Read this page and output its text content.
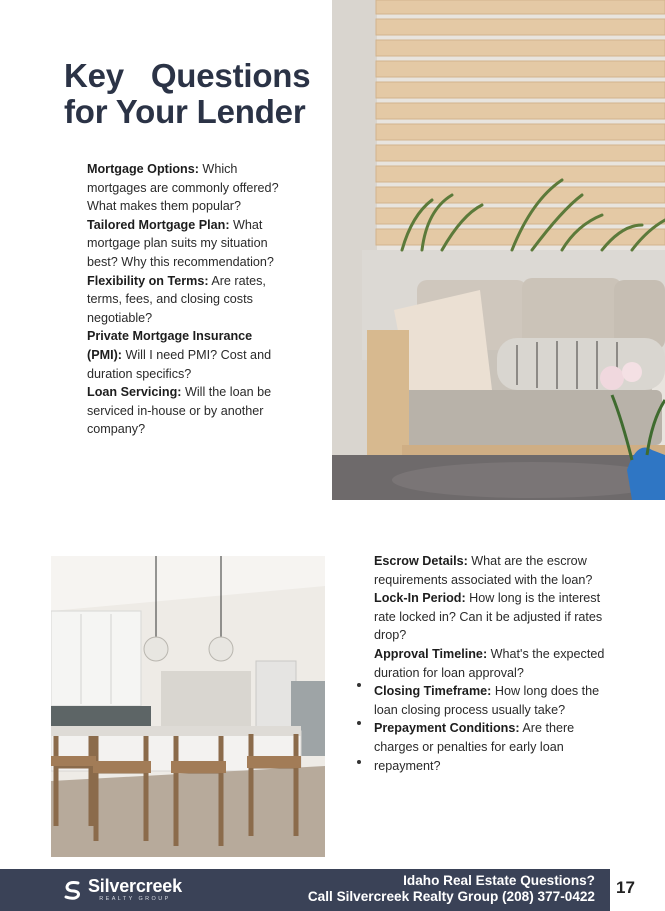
Key   Questions
for Your Lender
Mortgage Options: Which mortgages are commonly offered? What makes them popular?
Tailored Mortgage Plan: What mortgage plan suits my situation best? Why this recommendation?
Flexibility on Terms: Are rates, terms, fees, and closing costs negotiable?
Private Mortgage Insurance (PMI): Will I need PMI? Cost and duration specifics?
Loan Servicing: Will the loan be serviced in-house or by another company?
Escrow Details: What are the escrow requirements associated with the loan?
Lock-In Period: How long is the interest rate locked in? Can it be adjusted if rates drop?
Approval Timeline: What's the expected duration for loan approval?
Closing Timeframe: How long does the loan closing process usually take?
Prepayment Conditions: Are there charges or penalties for early loan repayment?
Silvercreek
REALTY GROUP
Idaho Real Estate Questions?
Call Silvercreek Realty Group (208) 377-0422 17
